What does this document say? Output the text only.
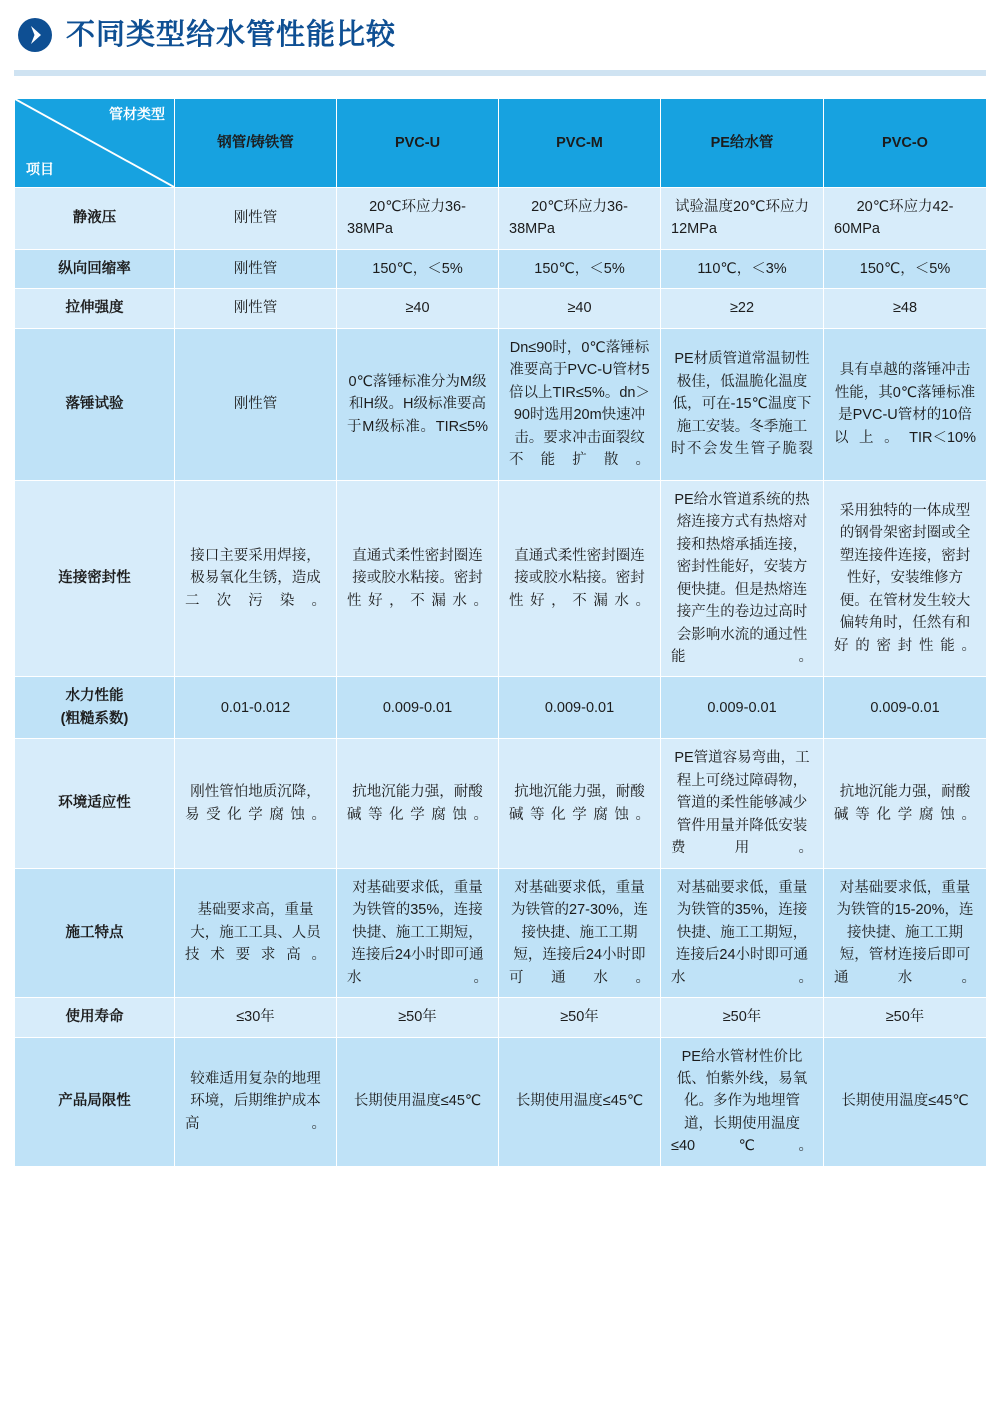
不同类型给水管性能比较
管材类型
项目	钢管/铸铁管	PVC-U	PVC-M	PE给水管	PVC-O

静液压	刚性管	20℃环应力36-38MPa	20℃环应力36-38MPa	试验温度20℃环应力 12MPa	20℃环应力42-60MPa

纵向回缩率	刚性管	150℃，＜5%	150℃，＜5%	110℃，＜3%	150℃，＜5%

拉伸强度	刚性管	≥40	≥40	≥22	≥48

落锤试验	刚性管	0℃落锤标准分为M级和H级。H级标准要高于M级标准。TIR≤5%	Dn≤90时，0℃落锤标准要高于PVC-U管材5倍以上TIR≤5%。dn＞90时选用20m快速冲击。要求冲击面裂纹不能扩散。	PE材质管道常温韧性极佳，低温脆化温度低，可在-15℃温度下施工安装。冬季施工时不会发生管子脆裂	具有卓越的落锤冲击性能，其0℃落锤标准是PVC-U管材的10倍以上。TIR＜10%

连接密封性	接口主要采用焊接，极易氧化生锈，造成二次污染。	直通式柔性密封圈连接或胶水粘接。密封性好，不漏水。	直通式柔性密封圈连接或胶水粘接。密封性好，不漏水。	PE给水管道系统的热熔连接方式有热熔对接和热熔承插连接，密封性能好，安装方便快捷。但是热熔连接产生的卷边过高时会影响水流的通过性能。	采用独特的一体成型的钢骨架密封圈或全塑连接件连接，密封性好，安装维修方便。在管材发生较大偏转角时，任然有和好的密封性能。

水力性能
(粗糙系数)	0.01-0.012	0.009-0.01	0.009-0.01	0.009-0.01	0.009-0.01

环境适应性	刚性管怕地质沉降，易受化学腐蚀。	抗地沉能力强，耐酸碱等化学腐蚀。	抗地沉能力强，耐酸碱等化学腐蚀。	PE管道容易弯曲，工程上可绕过障碍物，管道的柔性能够减少管件用量并降低安装费用。	抗地沉能力强，耐酸碱等化学腐蚀。

施工特点	基础要求高，重量大，施工工具、人员技术要求高。	对基础要求低，重量为铁管的35%，连接快捷、施工工期短，连接后24小时即可通水。	对基础要求低，重量为铁管的27-30%，连接快捷、施工工期短，连接后24小时即可通水。	对基础要求低，重量为铁管的35%，连接快捷、施工工期短，连接后24小时即可通水。	对基础要求低，重量为铁管的15-20%，连接快捷、施工工期短，管材连接后即可通水。

使用寿命	≤30年	≥50年	≥50年	≥50年	≥50年

产品局限性	较难适用复杂的地理环境，后期维护成本高。	长期使用温度≤45℃	长期使用温度≤45℃	PE给水管材性价比低、怕紫外线，易氧化。多作为地埋管道，长期使用温度≤40℃。	长期使用温度≤45℃
